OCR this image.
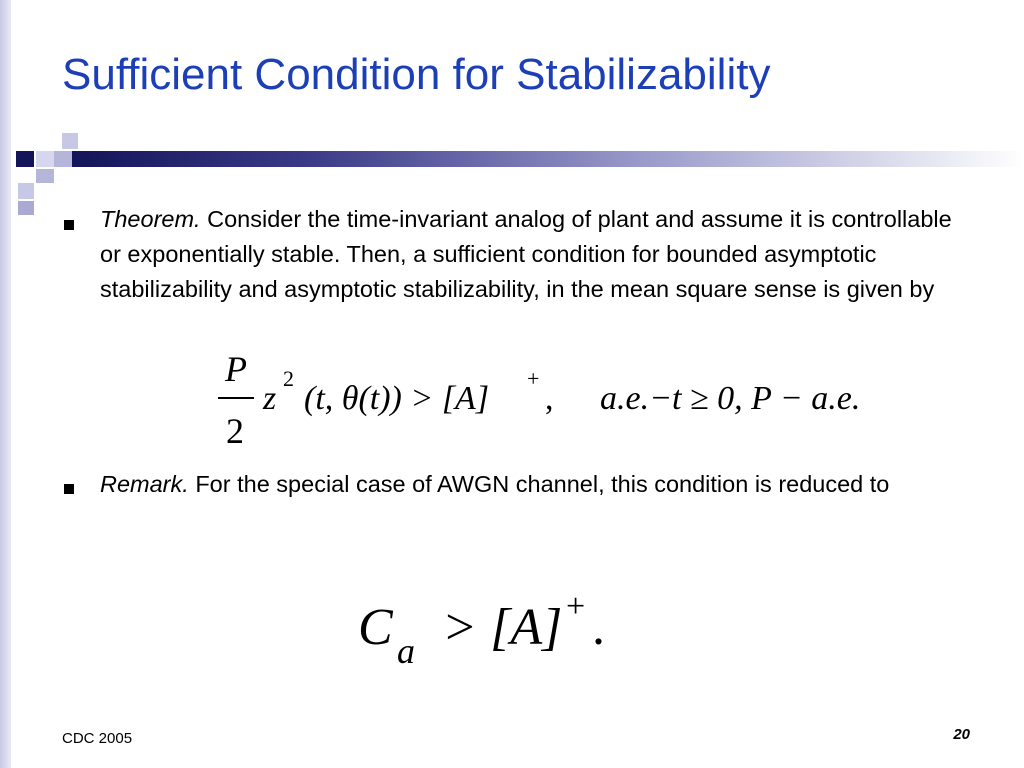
Sufficient Condition for Stabilizability
Theorem. Consider the time-invariant analog of plant and assume it is controllable or exponentially stable. Then, a sufficient condition for bounded asymptotic stabilizability and asymptotic stabilizability, in the mean square sense is given by
P
2
z
2
(t, θ(t)) > [A]
+
, a.e.−t ≥ 0, P − a.e.
Remark. For the special case of AWGN channel, this condition is reduced to
C a > [A] + .
CDC 2005	20
